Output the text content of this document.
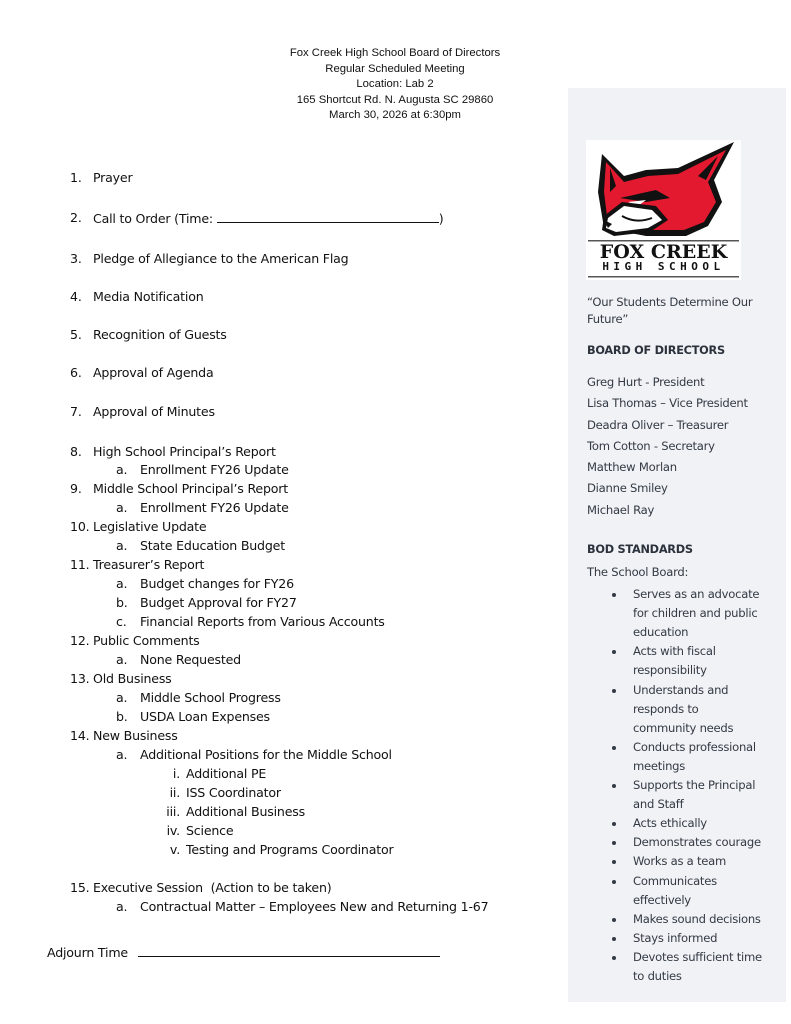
Fox Creek High School Board of Directors
Regular Scheduled Meeting
Location: Lab 2
165 Shortcut Rd. N. Augusta SC 29860
March 30, 2026 at 6:30pm
1. Prayer
2. Call to Order (Time:	)
3. Pledge of Allegiance to the American Flag
4. Media Notification
5. Recognition of Guests
6. Approval of Agenda
7. Approval of Minutes
8. High School Principal’s Report
a. Enrollment FY26 Update
9. Middle School Principal’s Report
a. Enrollment FY26 Update
10. Legislative Update
a. State Education Budget
11. Treasurer’s Report
a. Budget changes for FY26
b. Budget Approval for FY27
c. Financial Reports from Various Accounts
12. Public Comments
a. None Requested
13. Old Business
a. Middle School Progress
b. USDA Loan Expenses
14. New Business
a. Additional Positions for the Middle School
i. Additional PE
ii. ISS Coordinator
iii. Additional Business
iv. Science
v. Testing and Programs Coordinator
15. Executive Session  (Action to be taken)
a. Contractual Matter – Employees New and Returning 1-67
Adjourn Time
FOX CREEK
HIGH SCHOOL
“Our Students Determine Our
Future”
BOARD OF DIRECTORS
Greg Hurt - President
Lisa Thomas – Vice President
Deadra Oliver – Treasurer
Tom Cotton - Secretary
Matthew Morlan
Dianne Smiley
Michael Ray
BOD STANDARDS
The School Board:
Serves as an advocate
for children and public
education
Acts with fiscal
responsibility
Understands and
responds to
community needs
Conducts professional
meetings
Supports the Principal
and Staff
Acts ethically
Demonstrates courage
Works as a team
Communicates
effectively
Makes sound decisions
Stays informed
Devotes sufficient time
to duties
